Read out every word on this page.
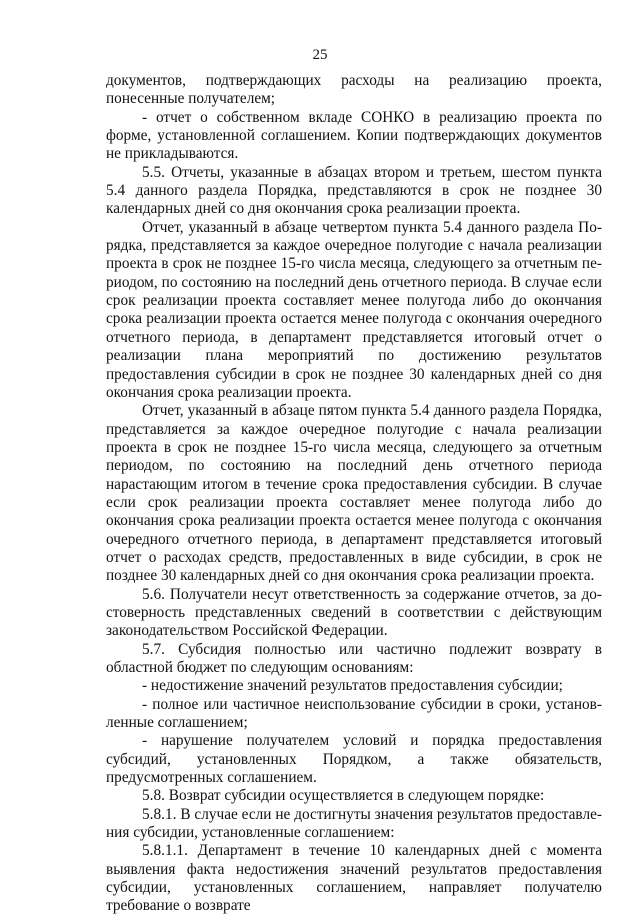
25

документов, подтверждающих расходы на реализацию проекта, понесенные получателем;

- отчет о собственном вкладе СОНКО в реализацию проекта по форме, установленной соглашением. Копии подтверждающих документов не прикладываются.

5.5. Отчеты, указанные в абзацах втором и третьем, шестом пункта 5.4 данного раздела Порядка, представляются в срок не позднее 30 календарных дней со дня окончания срока реализации проекта.

Отчет, указанный в абзаце четвертом пункта 5.4 данного раздела Порядка, представляется за каждое очередное полугодие с начала реализации проекта в срок не позднее 15-го числа месяца, следующего за отчетным периодом, по состоянию на последний день отчетного периода. В случае если срок реализации проекта составляет менее полугода либо до окончания срока реализации проекта остается менее полугода с окончания очередного отчетного периода, в департамент представляется итоговый отчет о реализации плана мероприятий по достижению результатов предоставления субсидии в срок не позднее 30 календарных дней со дня окончания срока реализации проекта.

Отчет, указанный в абзаце пятом пункта 5.4 данного раздела Порядка, представляется за каждое очередное полугодие с начала реализации проекта в срок не позднее 15-го числа месяца, следующего за отчетным периодом, по состоянию на последний день отчетного периода нарастающим итогом в течение срока предоставления субсидии. В случае если срок реализации проекта составляет менее полугода либо до окончания срока реализации проекта остается менее полугода с окончания очередного отчетного периода, в департамент представляется итоговый отчет о расходах средств, предоставленных в виде субсидии, в срок не позднее 30 календарных дней со дня окончания срока реализации проекта.

5.6. Получатели несут ответственность за содержание отчетов, за достоверность представленных сведений в соответствии с действующим законодательством Российской Федерации.

5.7. Субсидия полностью или частично подлежит возврату в областной бюджет по следующим основаниям:

- недостижение значений результатов предоставления субсидии;

- полное или частичное неиспользование субсидии в сроки, установленные соглашением;

- нарушение получателем условий и порядка предоставления субсидий, установленных Порядком, а также обязательств, предусмотренных соглашением.

5.8. Возврат субсидии осуществляется в следующем порядке:

5.8.1. В случае если не достигнуты значения результатов предоставления субсидии, установленные соглашением:

5.8.1.1. Департамент в течение 10 календарных дней с момента выявления факта недостижения значений результатов предоставления субсидии, установленных соглашением, направляет получателю требование о возврате
